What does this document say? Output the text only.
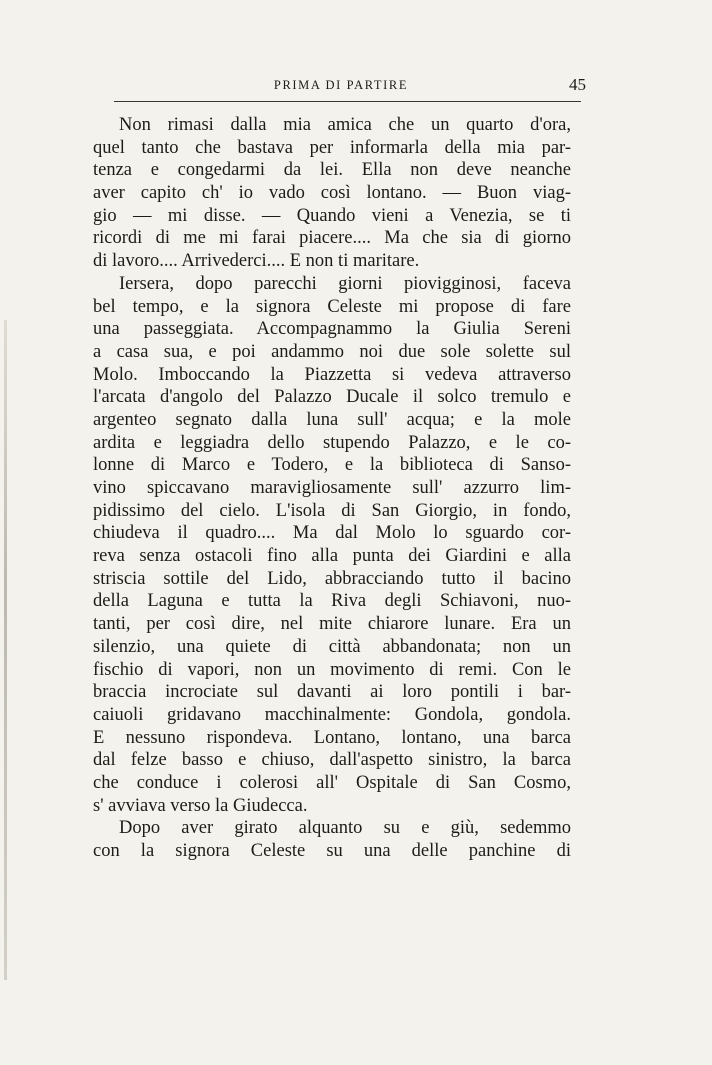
PRIMA DI PARTIRE	45
Non rimasi dalla mia amica che un quarto d'ora,
quel tanto che bastava per informarla della mia par-
tenza e congedarmi da lei. Ella non deve neanche
aver capito ch' io vado così lontano. — Buon viag-
gio — mi disse. — Quando vieni a Venezia, se ti
ricordi di me mi farai piacere.... Ma che sia di giorno
di lavoro.... Arrivederci.... E non ti maritare.
Iersera, dopo parecchi giorni piovigginosi, faceva
bel tempo, e la signora Celeste mi propose di fare
una passeggiata. Accompagnammo la Giulia Sereni
a casa sua, e poi andammo noi due sole solette sul
Molo. Imboccando la Piazzetta si vedeva attraverso
l'arcata d'angolo del Palazzo Ducale il solco tremulo e
argenteo segnato dalla luna sull' acqua; e la mole
ardita e leggiadra dello stupendo Palazzo, e le co-
lonne di Marco e Todero, e la biblioteca di Sanso-
vino spiccavano maravigliosamente sull' azzurro lim-
pidissimo del cielo. L'isola di San Giorgio, in fondo,
chiudeva il quadro.... Ma dal Molo lo sguardo cor-
reva senza ostacoli fino alla punta dei Giardini e alla
striscia sottile del Lido, abbracciando tutto il bacino
della Laguna e tutta la Riva degli Schiavoni, nuo-
tanti, per così dire, nel mite chiarore lunare. Era un
silenzio, una quiete di città abbandonata; non un
fischio di vapori, non un movimento di remi. Con le
braccia incrociate sul davanti ai loro pontili i bar-
caiuoli gridavano macchinalmente: Gondola, gondola.
E nessuno rispondeva. Lontano, lontano, una barca
dal felze basso e chiuso, dall'aspetto sinistro, la barca
che conduce i colerosi all' Ospitale di San Cosmo,
s' avviava verso la Giudecca.
Dopo aver girato alquanto su e giù, sedemmo
con la signora Celeste su una delle panchine di
